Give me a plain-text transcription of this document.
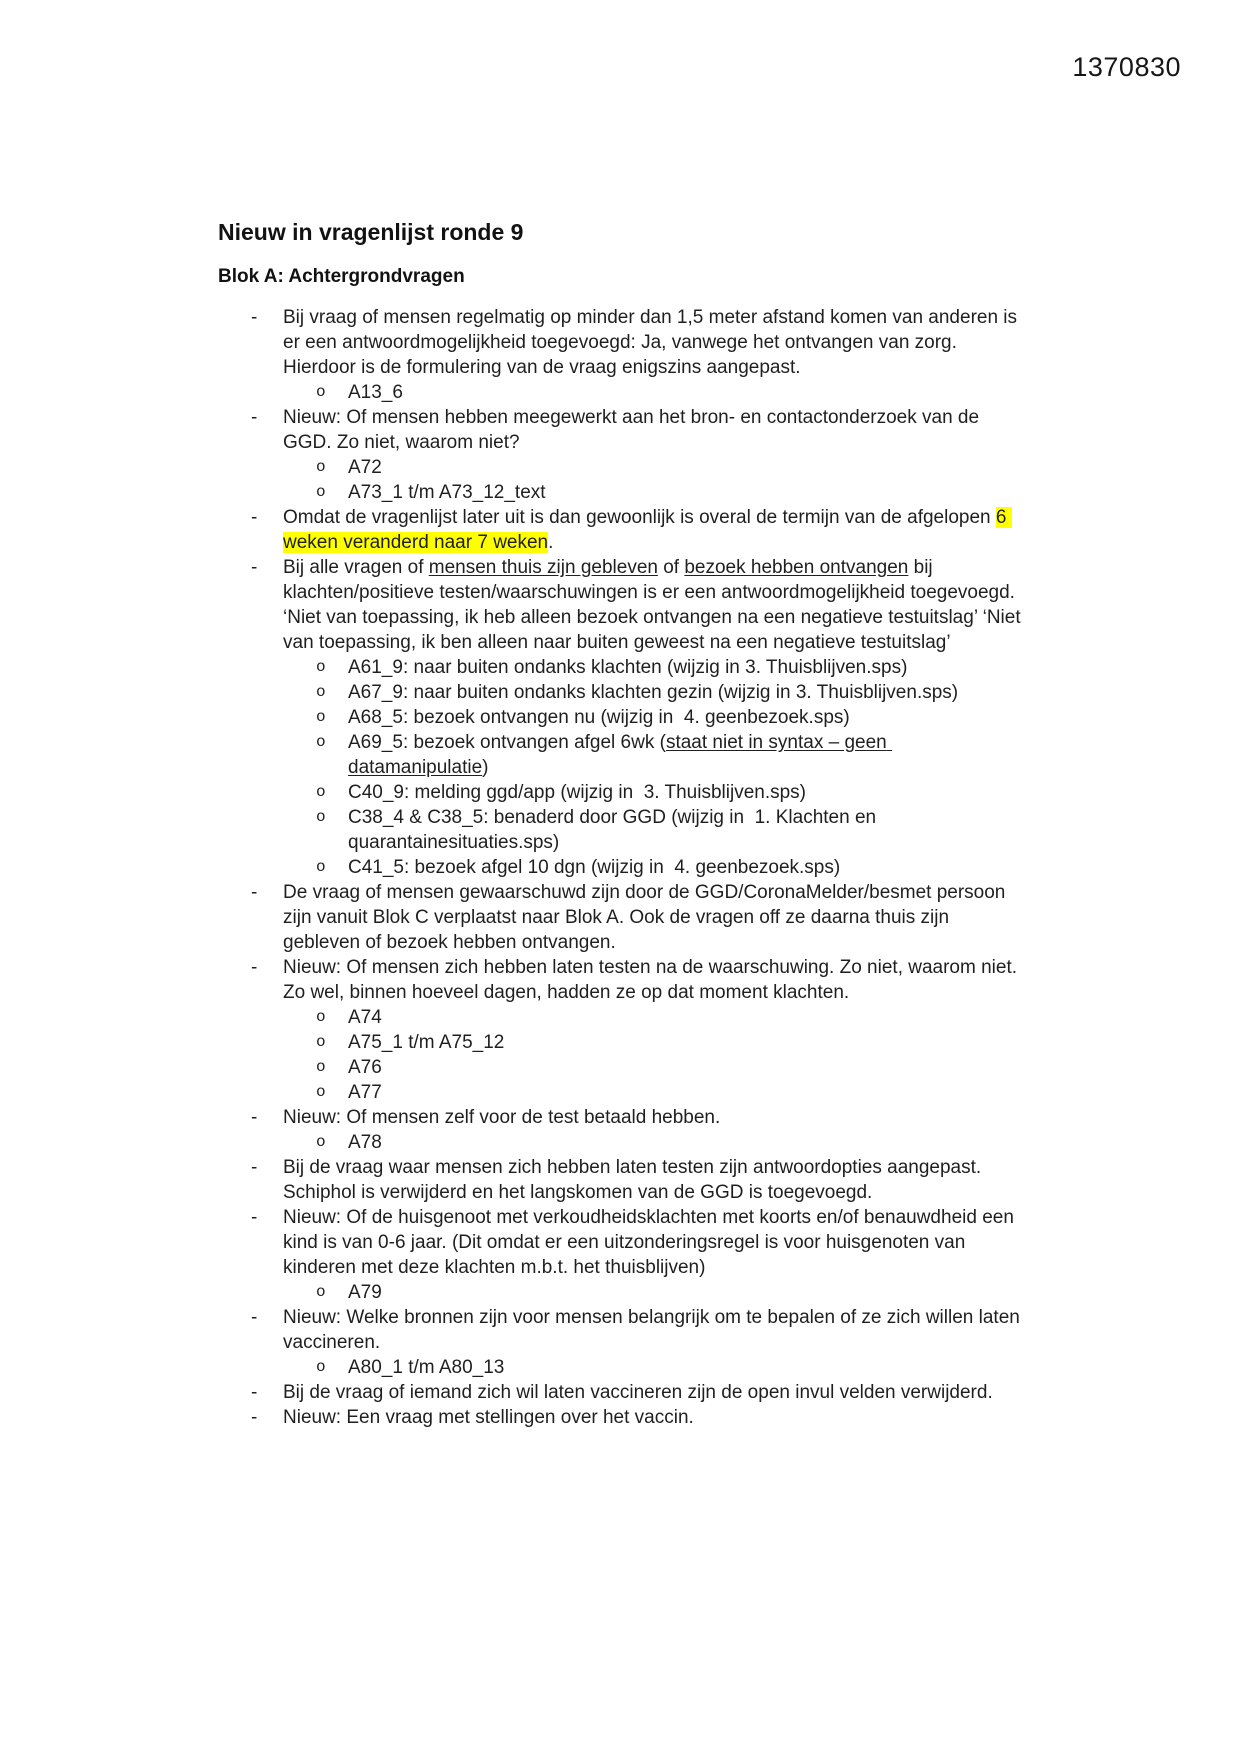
1370830
Nieuw in vragenlijst ronde 9
Blok A: Achtergrondvragen
- Bij vraag of mensen regelmatig op minder dan 1,5 meter afstand komen van anderen is er een antwoordmogelijkheid toegevoegd: Ja, vanwege het ontvangen van zorg. Hierdoor is de formulering van de vraag enigszins aangepast.
o A13_6
- Nieuw: Of mensen hebben meegewerkt aan het bron- en contactonderzoek van de GGD. Zo niet, waarom niet?
o A72
o A73_1 t/m A73_12_text
- Omdat de vragenlijst later uit is dan gewoonlijk is overal de termijn van de afgelopen 6 weken veranderd naar 7 weken.
- Bij alle vragen of mensen thuis zijn gebleven of bezoek hebben ontvangen bij klachten/positieve testen/waarschuwingen is er een antwoordmogelijkheid toegevoegd. ‘Niet van toepassing, ik heb alleen bezoek ontvangen na een negatieve testuitslag’ ‘Niet van toepassing, ik ben alleen naar buiten geweest na een negatieve testuitslag’
o A61_9: naar buiten ondanks klachten (wijzig in 3. Thuisblijven.sps)
o A67_9: naar buiten ondanks klachten gezin (wijzig in 3. Thuisblijven.sps)
o A68_5: bezoek ontvangen nu (wijzig in  4. geenbezoek.sps)
o A69_5: bezoek ontvangen afgel 6wk (staat niet in syntax – geen datamanipulatie)
o C40_9: melding ggd/app (wijzig in  3. Thuisblijven.sps)
o C38_4 & C38_5: benaderd door GGD (wijzig in  1. Klachten en quarantainesituaties.sps)
o C41_5: bezoek afgel 10 dgn (wijzig in  4. geenbezoek.sps)
- De vraag of mensen gewaarschuwd zijn door de GGD/CoronaMelder/besmet persoon zijn vanuit Blok C verplaatst naar Blok A. Ook de vragen off ze daarna thuis zijn gebleven of bezoek hebben ontvangen.
- Nieuw: Of mensen zich hebben laten testen na de waarschuwing. Zo niet, waarom niet. Zo wel, binnen hoeveel dagen, hadden ze op dat moment klachten.
o A74
o A75_1 t/m A75_12
o A76
o A77
- Nieuw: Of mensen zelf voor de test betaald hebben.
o A78
- Bij de vraag waar mensen zich hebben laten testen zijn antwoordopties aangepast. Schiphol is verwijderd en het langskomen van de GGD is toegevoegd.
- Nieuw: Of de huisgenoot met verkoudheidsklachten met koorts en/of benauwdheid een kind is van 0-6 jaar. (Dit omdat er een uitzonderingsregel is voor huisgenoten van kinderen met deze klachten m.b.t. het thuisblijven)
o A79
- Nieuw: Welke bronnen zijn voor mensen belangrijk om te bepalen of ze zich willen laten vaccineren.
o A80_1 t/m A80_13
- Bij de vraag of iemand zich wil laten vaccineren zijn de open invul velden verwijderd.
- Nieuw: Een vraag met stellingen over het vaccin.
